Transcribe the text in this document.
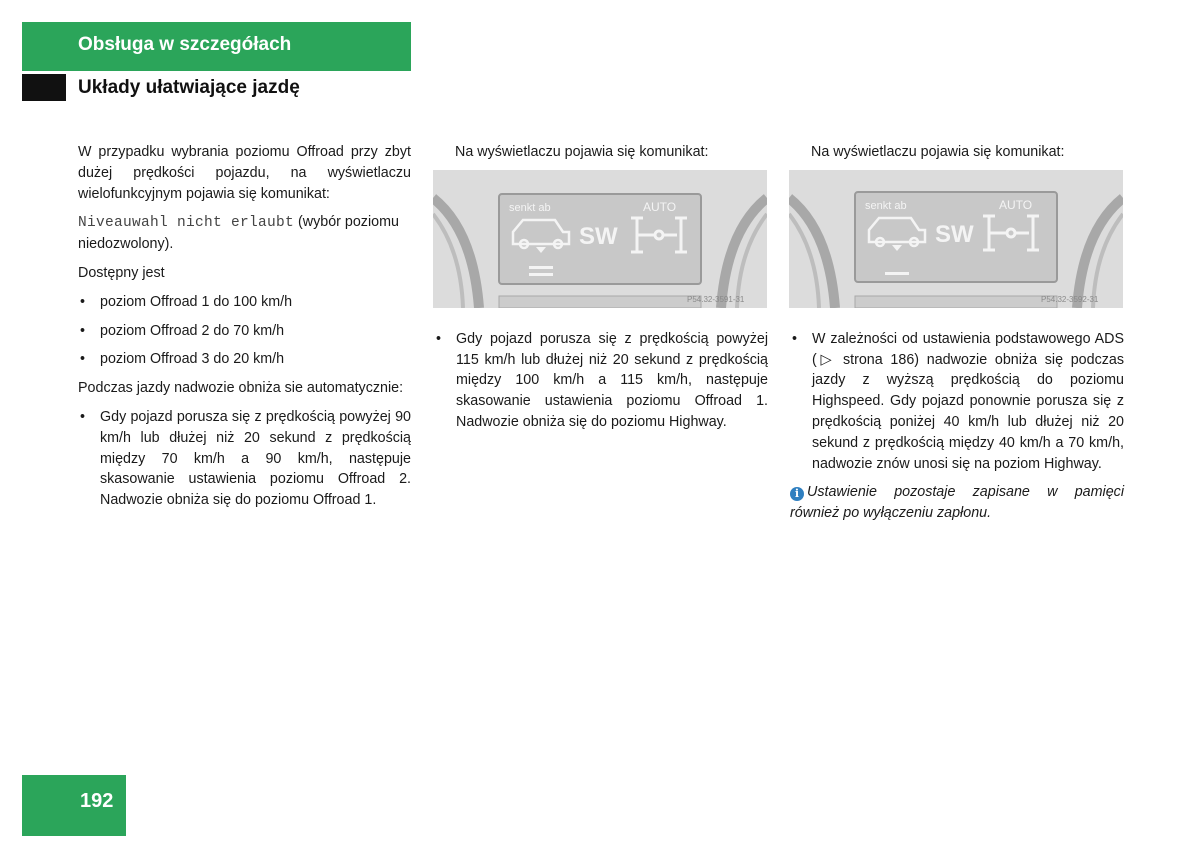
Obsługa w szczegółach
Układy ułatwiające jazdę

W przypadku wybrania poziomu Offroad przy zbyt dużej prędkości pojazdu, na wyświetlaczu wielofunkcyjnym pojawia się komunikat:

Niveauwahl nicht erlaubt (wybór poziomu niedozwolony).

Dostępny jest

• poziom Offroad 1 do 100 km/h
• poziom Offroad 2 do 70 km/h
• poziom Offroad 3 do 20 km/h

Podczas jazdy nadwozie obniża sie automatycznie:

• Gdy pojazd porusza się z prędkością powyżej 90 km/h lub dłużej niż 20 sekund z prędkością między 70 km/h a 90 km/h, następuje skasowanie ustawienia poziomu Offroad 2. Nadwozie obniża się do poziomu Offroad 1.
senkt ab	AUTO
SW
P54.32-3591-31

Na wyświetlaczu pojawia się komunikat:

• Gdy pojazd porusza się z prędkością powyżej 115 km/h lub dłużej niż 20 sekund z prędkością między 100 km/h a 115 km/h, następuje skasowanie ustawienia poziomu Offroad 1. Nadwozie obniża się do poziomu Highway.
senkt ab	AUTO
SW
P54.32-3592-31

Na wyświetlaczu pojawia się komunikat:

• W zależności od ustawienia podstawowego ADS (▷ strona 186) nadwozie obniża się podczas jazdy z wyższą prędkością do poziomu Highspeed. Gdy pojazd ponownie porusza się z prędkością poniżej 40 km/h lub dłużej niż 20 sekund z prędkością między 40 km/h a 70 km/h, nadwozie znów unosi się na poziom Highway.

i Ustawienie pozostaje zapisane w pamięci również po wyłączeniu zapłonu.

192
